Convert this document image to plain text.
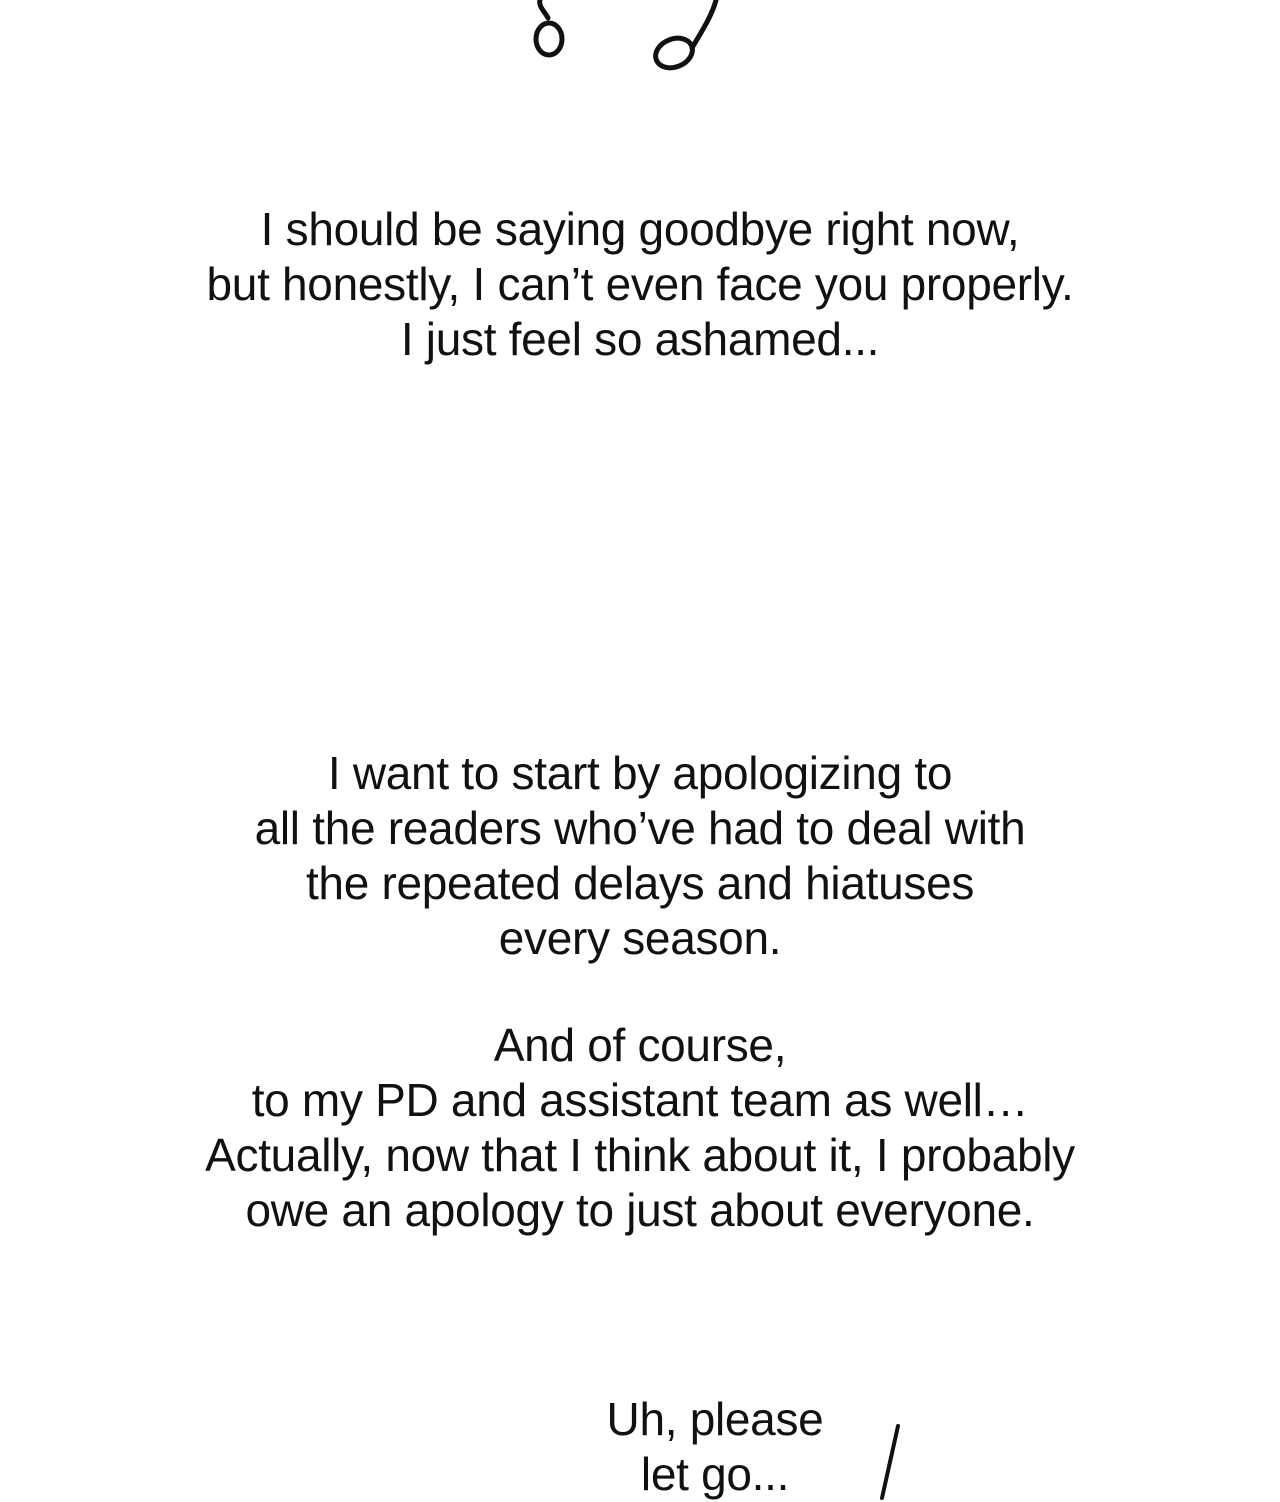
I should be saying goodbye right now,
but honestly, I can’t even face you properly.
I just feel so ashamed...
I want to start by apologizing to
all the readers who’ve had to deal with
the repeated delays and hiatuses
every season.
And of course,
to my PD and assistant team as well…
Actually, now that I think about it, I probably
owe an apology to just about everyone.
Uh, please
let go...
